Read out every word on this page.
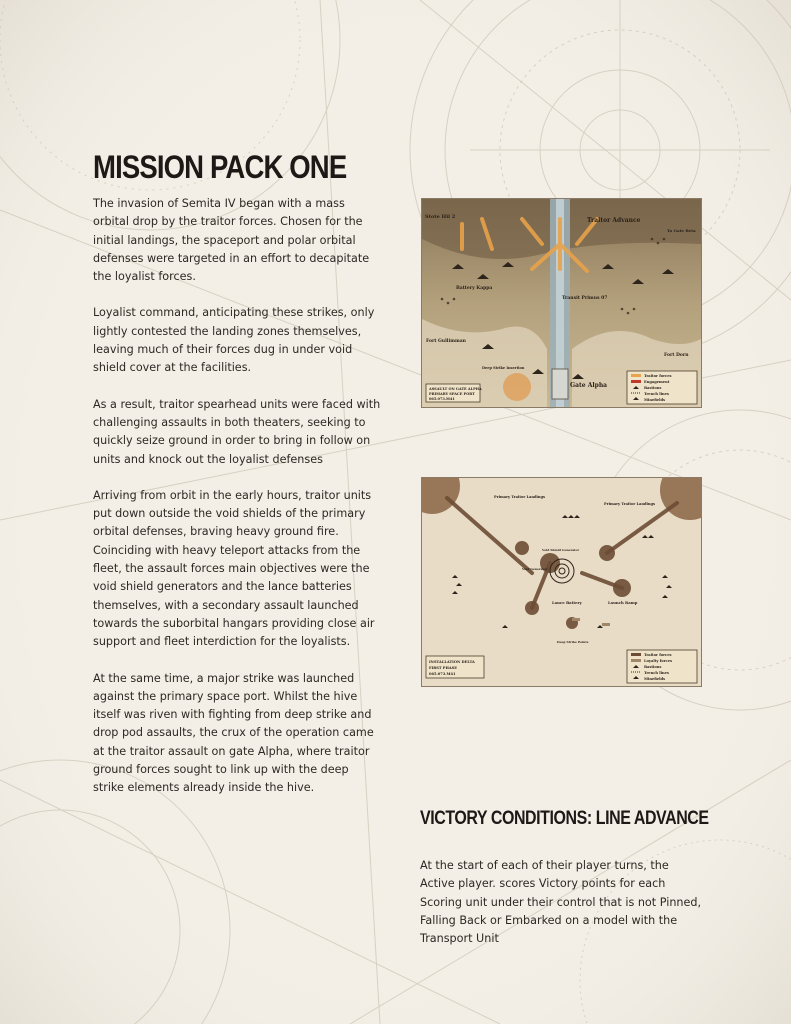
MISSION PACK ONE

The invasion of Semita IV began with a mass orbital drop by the traitor forces. Chosen for the initial landings, the spaceport and polar orbital defenses were targeted in an effort to decapitate the loyalist forces.

Loyalist command, anticipating these strikes, only lightly contested the landing zones themselves, leaving much of their forces dug in under void shield cover at the facilities.

As a result, traitor spearhead units were faced with challenging assaults in both theaters, seeking to quickly seize ground in order to bring in follow on units and knock out the loyalist defenses

Arriving from orbit in the early hours, traitor units put down outside the void shields of the primary orbital defenses, braving heavy ground fire. Coinciding with heavy teleport attacks from the fleet, the assault forces main objectives were the void shield generators and the lance batteries themselves, with a secondary assault launched towards the suborbital hangars providing close air support and fleet interdiction for the loyalists.

At the same time, a major strike was launched against the primary space port. Whilst the hive itself was riven with fighting from deep strike and drop pod assaults, the crux of the operation came at the traitor assault on gate Alpha, where traitor ground forces sought to link up with the deep strike elements already inside the hive.

Stote Hil 2	Traitor Advance
To Gate Beta
Battery Kappa
Transit Primus 07
Fort Gullimman
Fort Dorn
Deep Strike Insertion
Gate Alpha
ASSAULT ON GATE ALPHA
PRIMARY SPACE PORT
065.073.M41
Traitor forces
Engagement
Bastions
Trench lines
Minefields
Primary Traitor Landings
Primary Traitor Landings
Void Generator
Void Shield Generator
Lance Battery	Launch Ramp
Deep Strike Points
INSTALLATION DELTA
FIRST PHASE
065.073.M41
Traitor forces
Loyalty forces
Bastions
Trench lines
Minefields
VICTORY CONDITIONS: LINE ADVANCE

At the start of each of their player turns, the Active player. scores Victory points for each Scoring unit under their control that is not Pinned, Falling Back or Embarked on a model with the Transport Unit
